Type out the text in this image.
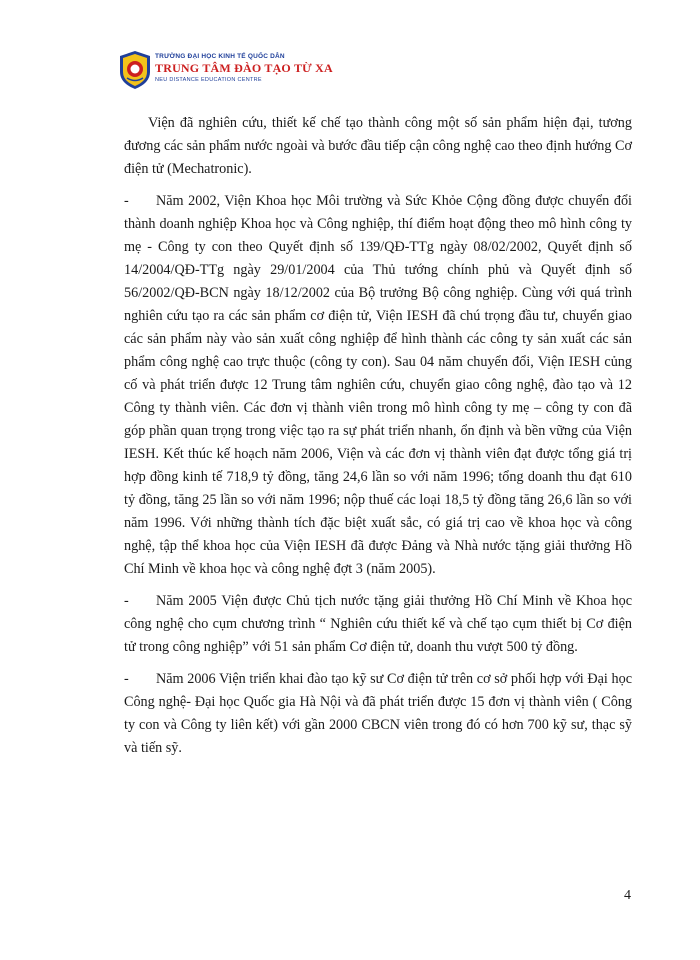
TRƯỜNG ĐẠI HỌC KINH TẾ QUỐC DÂN
TRUNG TÂM ĐÀO TẠO TỪ XA
NEU DISTANCE EDUCATION CENTRE

Viện đã nghiên cứu, thiết kế chế tạo thành công một số sản phẩm hiện đại, tương đương các sản phẩm nước ngoài và bước đầu tiếp cận công nghệ cao theo định hướng Cơ điện tử (Mechatronic).

- Năm 2002, Viện Khoa học Môi trường và Sức Khỏe Cộng đồng được chuyển đổi thành doanh nghiệp Khoa học và Công nghiệp, thí điểm hoạt động theo mô hình công ty mẹ - Công ty con theo Quyết định số 139/QĐ-TTg ngày 08/02/2002, Quyết định số 14/2004/QĐ-TTg ngày 29/01/2004 của Thủ tướng chính phủ và Quyết định số 56/2002/QĐ-BCN ngày 18/12/2002 của Bộ trưởng Bộ công nghiệp. Cùng với quá trình nghiên cứu tạo ra các sản phẩm cơ điện tử, Viện IESH đã chú trọng đầu tư, chuyển giao các sản phẩm này vào sản xuất công nghiệp để hình thành các công ty sản xuất các sản phẩm công nghệ cao trực thuộc (công ty con). Sau 04 năm chuyển đổi, Viện IESH củng cố và phát triển được 12 Trung tâm nghiên cứu, chuyển giao công nghệ, đào tạo và 12 Công ty thành viên. Các đơn vị thành viên trong mô hình công ty mẹ – công ty con đã góp phần quan trọng trong việc tạo ra sự phát triển nhanh, ổn định và bền vững của Viện IESH. Kết thúc kế hoạch năm 2006, Viện và các đơn vị thành viên đạt được tổng giá trị hợp đồng kinh tế 718,9 tỷ đồng, tăng 24,6 lần so với năm 1996; tổng doanh thu đạt 610 tỷ đồng, tăng 25 lần so với năm 1996; nộp thuế các loại 18,5 tỷ đồng tăng 26,6 lần so với năm 1996. Với những thành tích đặc biệt xuất sắc, có giá trị cao về khoa học và công nghệ, tập thể khoa học của Viện IESH đã được Đảng và Nhà nước tặng giải thưởng Hồ Chí Minh về khoa học và công nghệ đợt 3 (năm 2005).

- Năm 2005 Viện được Chủ tịch nước tặng giải thưởng Hồ Chí Minh về Khoa học công nghệ cho cụm chương trình “ Nghiên cứu thiết kế và chế tạo cụm thiết bị Cơ điện tử trong công nghiệp” với 51 sản phẩm Cơ điện tử, doanh thu vượt 500 tỷ đồng.

- Năm 2006 Viện triển khai đào tạo kỹ sư Cơ điện tử trên cơ sở phối hợp với Đại học Công nghệ- Đại học Quốc gia Hà Nội và đã phát triển được 15 đơn vị thành viên ( Công ty con và Công ty liên kết) với gần 2000 CBCN viên trong đó có hơn 700 kỹ sư, thạc sỹ và tiến sỹ.

4
